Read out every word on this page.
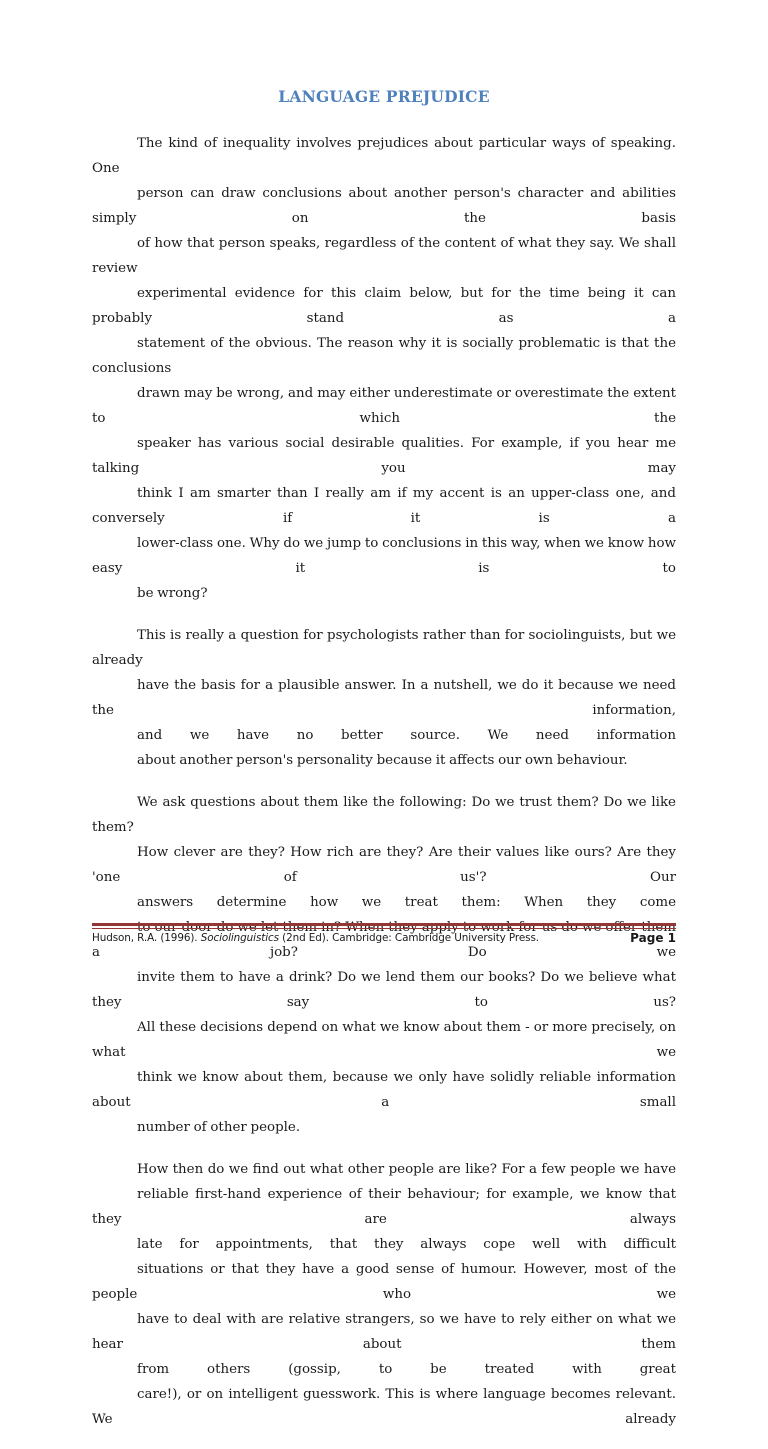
LANGUAGE PREJUDICE

The kind of inequality involves prejudices about particular ways of speaking. One
person can draw conclusions about another person's character and abilities simply on the basis
of how that person speaks, regardless of the content of what they say. We shall review
experimental evidence for this claim below, but for the time being it can probably stand as a
statement of the obvious. The reason why it is socially problematic is that the conclusions
drawn may be wrong, and may either underestimate or overestimate the extent to which the
speaker has various social desirable qualities. For example, if you hear me talking you may
think I am smarter than I really am if my accent is an upper-class one, and conversely if it is a
lower-class one. Why do we jump to conclusions in this way, when we know how easy it is to
be wrong?

This is really a question for psychologists rather than for sociolinguists, but we already
have the basis for a plausible answer. In a nutshell, we do it because we need the information,
and we have no better source. We need information
about another person's personality because it affects our own behaviour.

We ask questions about them like the following: Do we trust them? Do we like them?
How clever are they? How rich are they? Are their values like ours? Are they 'one of us'? Our
answers determine how we treat them: When they come
a job? Do we
invite them to have a drink? Do we lend them our books? Do we believe what they say to us?
All these decisions depend on what we know about them - or more precisely, on what we
think we know about them, because we only have solidly reliable information about a small
number of other people.

How then do we find out what other people are like? For a few people we have
reliable first-hand experience of their behaviour; for example, we know that they are always
late for appointments, that they always cope well with difficult
situations or that they have a good sense of humour. However, most of the people who we
have to deal with are relative strangers, so we have to rely either on what we hear about them
from others (gossip, to be treated with great
care!), or on intelligent guesswork. This is where language becomes relevant. We already

Hudson, R.A. (1996). Sociolinguistics (2nd Ed). Cambridge: Cambridge University Press.	Page 1
